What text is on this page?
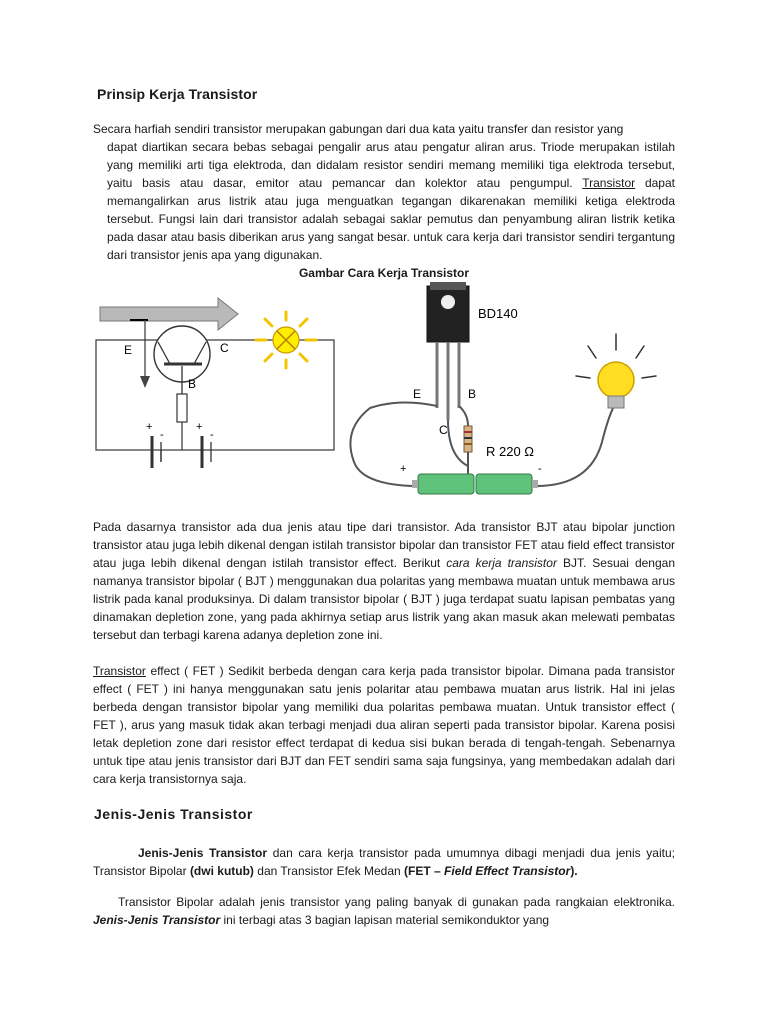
Prinsip Kerja Transistor

Secara harfiah sendiri transistor merupakan gabungan dari dua kata yaitu transfer dan resistor yang
dapat diartikan secara bebas sebagai pengalir arus atau pengatur aliran arus. Triode merupakan istilah yang memiliki arti tiga elektroda, dan didalam resistor sendiri memang memiliki tiga elektroda tersebut, yaitu basis atau dasar, emitor atau pemancar dan kolektor atau pengumpul. Transistor dapat memangalirkan arus listrik atau juga menguatkan tegangan dikarenakan memiliki ketiga elektroda tersebut. Fungsi lain dari transistor adalah sebagai saklar pemutus dan penyambung aliran listrik ketika pada dasar atau basis diberikan arus yang sangat besar. untuk cara kerja dari transistor sendiri tergantung dari transistor jenis apa yang digunakan.

Gambar Cara Kerja Transistor
E	C
B
+
-
+
-
BD140
E	B
C
R 220 Ω
+	-

Pada dasarnya transistor ada dua jenis atau tipe dari transistor. Ada transistor BJT atau bipolar junction transistor atau juga lebih dikenal dengan istilah transistor bipolar dan transistor FET atau field effect transistor atau juga lebih dikenal dengan istilah transistor effect. Berikut cara kerja transistor BJT. Sesuai dengan namanya transistor bipolar ( BJT ) menggunakan dua polaritas yang membawa muatan untuk membawa arus listrik pada kanal produksinya. Di dalam transistor bipolar ( BJT ) juga terdapat suatu lapisan pembatas yang dinamakan depletion zone, yang pada akhirnya setiap arus listrik yang akan masuk akan melewati pembatas tersebut dan terbagi karena adanya depletion zone ini.

Transistor effect ( FET ) Sedikit berbeda dengan cara kerja pada transistor bipolar. Dimana pada transistor effect ( FET ) ini hanya menggunakan satu jenis polaritar atau pembawa muatan arus listrik. Hal ini jelas berbeda dengan transistor bipolar yang memiliki dua polaritas pembawa muatan. Untuk transistor effect ( FET ), arus yang masuk tidak akan terbagi menjadi dua aliran seperti pada transistor bipolar. Karena posisi letak depletion zone dari resistor effect terdapat di kedua sisi bukan berada di tengah-tengah. Sebenarnya untuk tipe atau jenis transistor dari BJT dan FET sendiri sama saja fungsinya, yang membedakan adalah dari cara kerja transistornya saja.

Jenis-Jenis Transistor

Jenis-Jenis Transistor dan cara kerja transistor pada umumnya dibagi menjadi dua jenis yaitu; Transistor Bipolar (dwi kutub) dan Transistor Efek Medan (FET – Field Effect Transistor).

Transistor Bipolar adalah jenis transistor yang paling banyak di gunakan pada rangkaian elektronika. Jenis-Jenis Transistor ini terbagi atas 3 bagian lapisan material semikonduktor yang
